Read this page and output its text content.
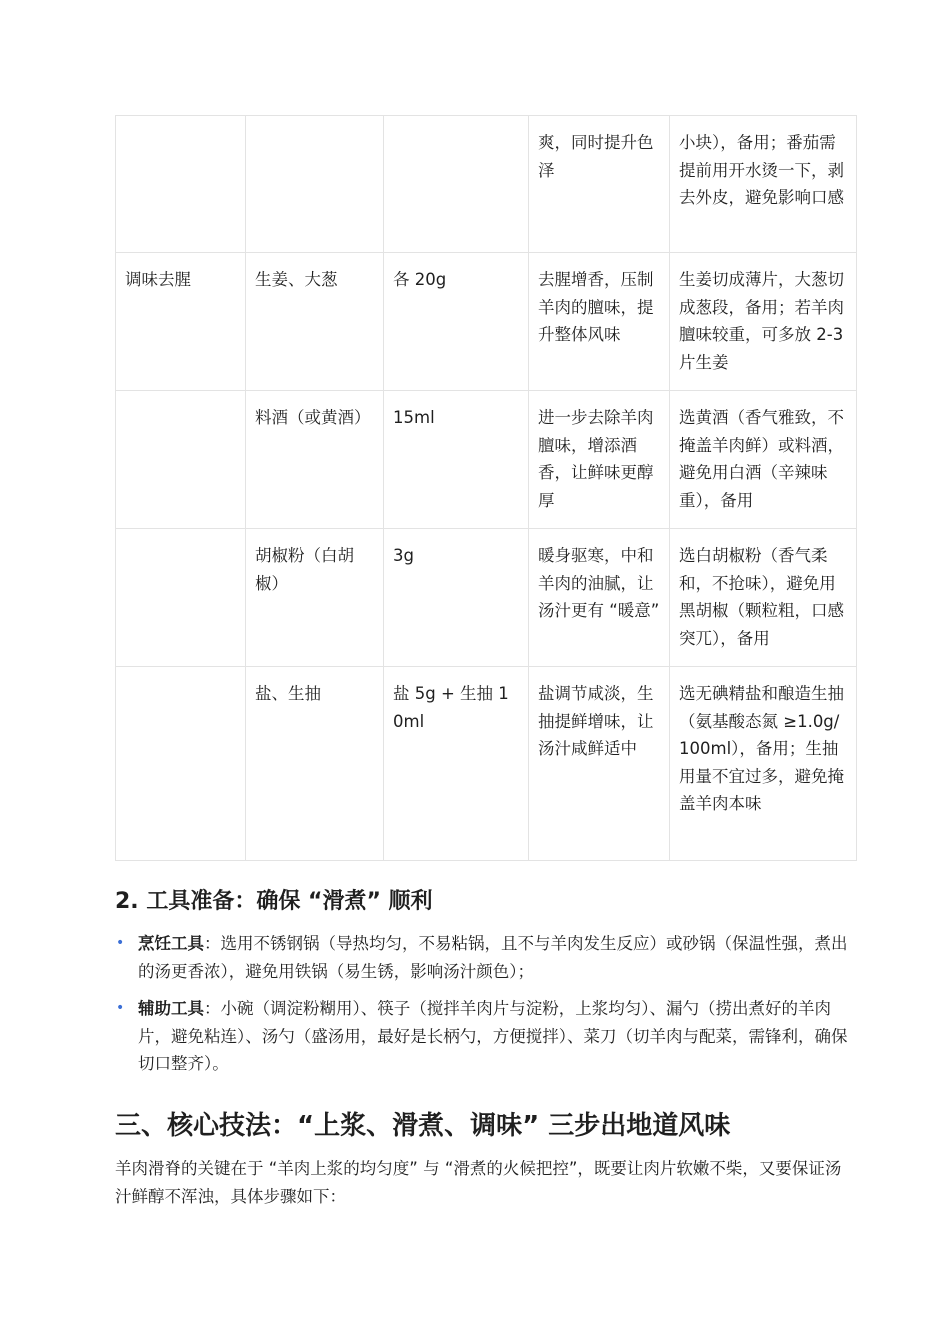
			爽，同时提升色泽	小块），备用；番茄需提前用开水烫一下，剥去外皮，避免影响口感
调味去腥	生姜、大葱	各 20g	去腥增香，压制羊肉的膻味，提升整体风味	生姜切成薄片，大葱切成葱段，备用；若羊肉膻味较重，可多放 2-3 片生姜
	料酒（或黄酒）	15ml	进一步去除羊肉膻味，增添酒香，让鲜味更醇厚	选黄酒（香气雅致，不掩盖羊肉鲜）或料酒，避免用白酒（辛辣味重），备用
	胡椒粉（白胡椒）	3g	暖身驱寒，中和羊肉的油腻，让汤汁更有 “暖意”	选白胡椒粉（香气柔和，不抢味），避免用黑胡椒（颗粒粗，口感突兀），备用
	盐、生抽	盐 5g + 生抽 10ml	盐调节咸淡，生抽提鲜增味，让汤汁咸鲜适中	选无碘精盐和酿造生抽（氨基酸态氮 ≥1.0g/100ml），备用；生抽用量不宜过多，避免掩盖羊肉本味
2. 工具准备：确保 “滑煮” 顺利
• 烹饪工具：选用不锈钢锅（导热均匀，不易粘锅，且不与羊肉发生反应）或砂锅（保温性强，煮出的汤更香浓），避免用铁锅（易生锈，影响汤汁颜色）；
• 辅助工具：小碗（调淀粉糊用）、筷子（搅拌羊肉片与淀粉，上浆均匀）、漏勺（捞出煮好的羊肉片，避免粘连）、汤勺（盛汤用，最好是长柄勺，方便搅拌）、菜刀（切羊肉与配菜，需锋利，确保切口整齐）。
三、核心技法：“上浆、滑煮、调味” 三步出地道风味

羊肉滑脊的关键在于 “羊肉上浆的均匀度” 与 “滑煮的火候把控”，既要让肉片软嫩不柴，又要保证汤汁鲜醇不浑浊，具体步骤如下：
